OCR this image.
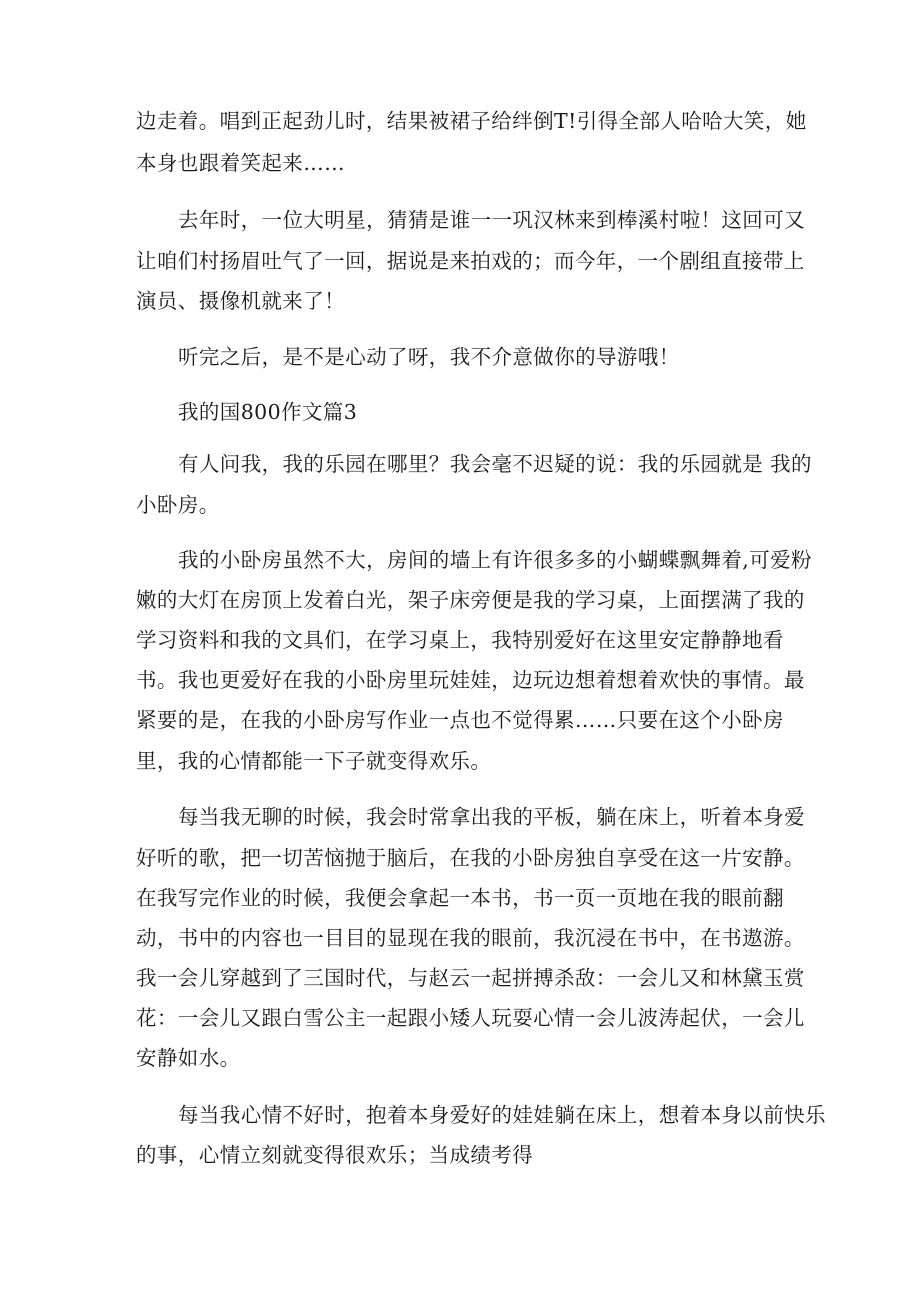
边走着。唱到正起劲儿时，结果被裙子给绊倒T!引得全部人哈哈大笑，她
本身也跟着笑起来……
去年时，一位大明星，猜猜是谁一一巩汉林来到棒溪村啦！这回可又
让咱们村扬眉吐气了一回，据说是来拍戏的；而今年，一个剧组直接带上
演员、摄像机就来了！
听完之后，是不是心动了呀，我不介意做你的导游哦！
我的国800作文篇3
有人问我，我的乐园在哪里？我会毫不迟疑的说：我的乐园就是 我的
小卧房。
我的小卧房虽然不大，房间的墙上有许很多多的小蝴蝶飘舞着,可爱粉
嫩的大灯在房顶上发着白光，架子床旁便是我的学习桌，上面摆满了我的
学习资料和我的文具们，在学习桌上，我特别爱好在这里安定静静地看
书。我也更爱好在我的小卧房里玩娃娃，边玩边想着想着欢快的事情。最
紧要的是，在我的小卧房写作业一点也不觉得累……只要在这个小卧房
里，我的心情都能一下子就变得欢乐。
每当我无聊的时候，我会时常拿出我的平板，躺在床上，听着本身爱
好听的歌，把一切苦恼抛于脑后，在我的小卧房独自享受在这一片安静。
在我写完作业的时候，我便会拿起一本书，书一页一页地在我的眼前翻
动，书中的内容也一目目的显现在我的眼前，我沉浸在书中，在书遨游。
我一会儿穿越到了三国时代，与赵云一起拼搏杀敌：一会儿又和林黛玉赏
花：一会儿又跟白雪公主一起跟小矮人玩耍心情一会儿波涛起伏，一会儿
安静如水。
每当我心情不好时，抱着本身爱好的娃娃躺在床上，想着本身以前快乐
的事，心情立刻就变得很欢乐；当成绩考得
